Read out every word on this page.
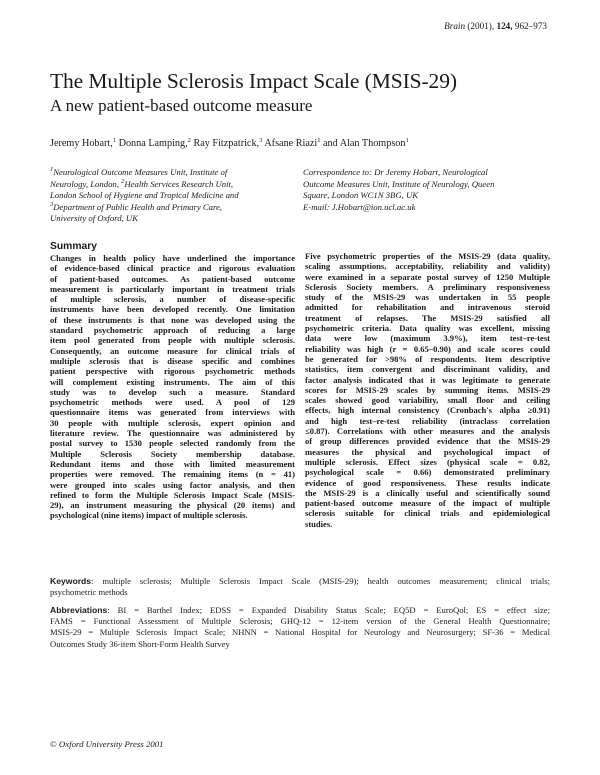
Brain (2001), 124, 962–973
The Multiple Sclerosis Impact Scale (MSIS-29)
A new patient-based outcome measure
Jeremy Hobart,$^1$ Donna Lamping,$^2$ Ray Fitzpatrick,$^3$ Afsane Riazi$^1$ and Alan Thompson$^1$
$^1$Neurological Outcome Measures Unit, Institute of
Neurology, London, $^2$Health Services Research Unit,
London School of Hygiene and Tropical Medicine and
$^3$Department of Public Health and Primary Care,
University of Oxford, UK
Correspondence to: Dr Jeremy Hobart, Neurological
Outcome Measures Unit, Institute of Neurology, Queen
Square, London WC1N 3BG, UK
E-mail: J.Hobart@ion.ucl.ac.uk
Summary
Changes in health policy have underlined the importance
of evidence-based clinical practice and rigorous evaluation
of patient-based outcomes. As patient-based outcome
measurement is particularly important in treatment trials
of multiple sclerosis, a number of disease-specific
instruments have been developed recently. One limitation
of these instruments is that none was developed using the
standard psychometric approach of reducing a large
item pool generated from people with multiple sclerosis.
Consequently, an outcome measure for clinical trials of
multiple sclerosis that is disease specific and combines
patient perspective with rigorous psychometric methods
will complement existing instruments. The aim of this
study was to develop such a measure. Standard
psychometric methods were used. A pool of 129
questionnaire items was generated from interviews with
30 people with multiple sclerosis, expert opinion and
literature review. The questionnaire was administered by
postal survey to 1530 people selected randomly from the
Multiple Sclerosis Society membership database.
Redundant items and those with limited measurement
properties were removed. The remaining items (n = 41)
were grouped into scales using factor analysis, and then
refined to form the Multiple Sclerosis Impact Scale (MSIS-
29), an instrument measuring the physical (20 items) and
psychological (nine items) impact of multiple sclerosis.
Five psychometric properties of the MSIS-29 (data quality,
scaling assumptions, acceptability, reliability and validity)
were examined in a separate postal survey of 1250 Multiple
Sclerosis Society members. A preliminary responsiveness
study of the MSIS-29 was undertaken in 55 people
admitted for rehabilitation and intravenous steroid
treatment of relapses. The MSIS-29 satisfied all
psychometric criteria. Data quality was excellent, missing
data were low (maximum 3.9%), item test–re-test
reliability was high (r = 0.65–0.90) and scale scores could
be generated for >98% of respondents. Item descriptive
statistics, item convergent and discriminant validity, and
factor analysis indicated that it was legitimate to generate
scores for MSIS-29 scales by summing items. MSIS-29
scales showed good variability, small floor and ceiling
effects, high internal consistency (Cronbach's alpha ≥0.91)
and high test–re-test reliability (intraclass correlation
≤0.87). Correlations with other measures and the analysis
of group differences provided evidence that the MSIS-29
measures the physical and psychological impact of
multiple sclerosis. Effect sizes (physical scale = 0.82,
psychological scale = 0.66) demonstrated preliminary
evidence of good responsiveness. These results indicate
the MSIS-29 is a clinically useful and scientifically sound
patient-based outcome measure of the impact of multiple
sclerosis suitable for clinical trials and epidemiological
studies.
Keywords: multiple sclerosis; Multiple Sclerosis Impact Scale (MSIS-29); health outcomes measurement; clinical trials;
psychometric methods
Abbreviations: BI = Barthel Index; EDSS = Expanded Disability Status Scale; EQ5D = EuroQol; ES = effect size;
FAMS = Functional Assessment of Multiple Sclerosis; GHQ-12 = 12-item version of the General Health Questionnaire;
MSIS-29 = Multiple Sclerosis Impact Scale; NHNN = National Hospital for Neurology and Neurosurgery; SF-36 = Medical
Outcomes Study 36-item Short-Form Health Survey
© Oxford University Press 2001
